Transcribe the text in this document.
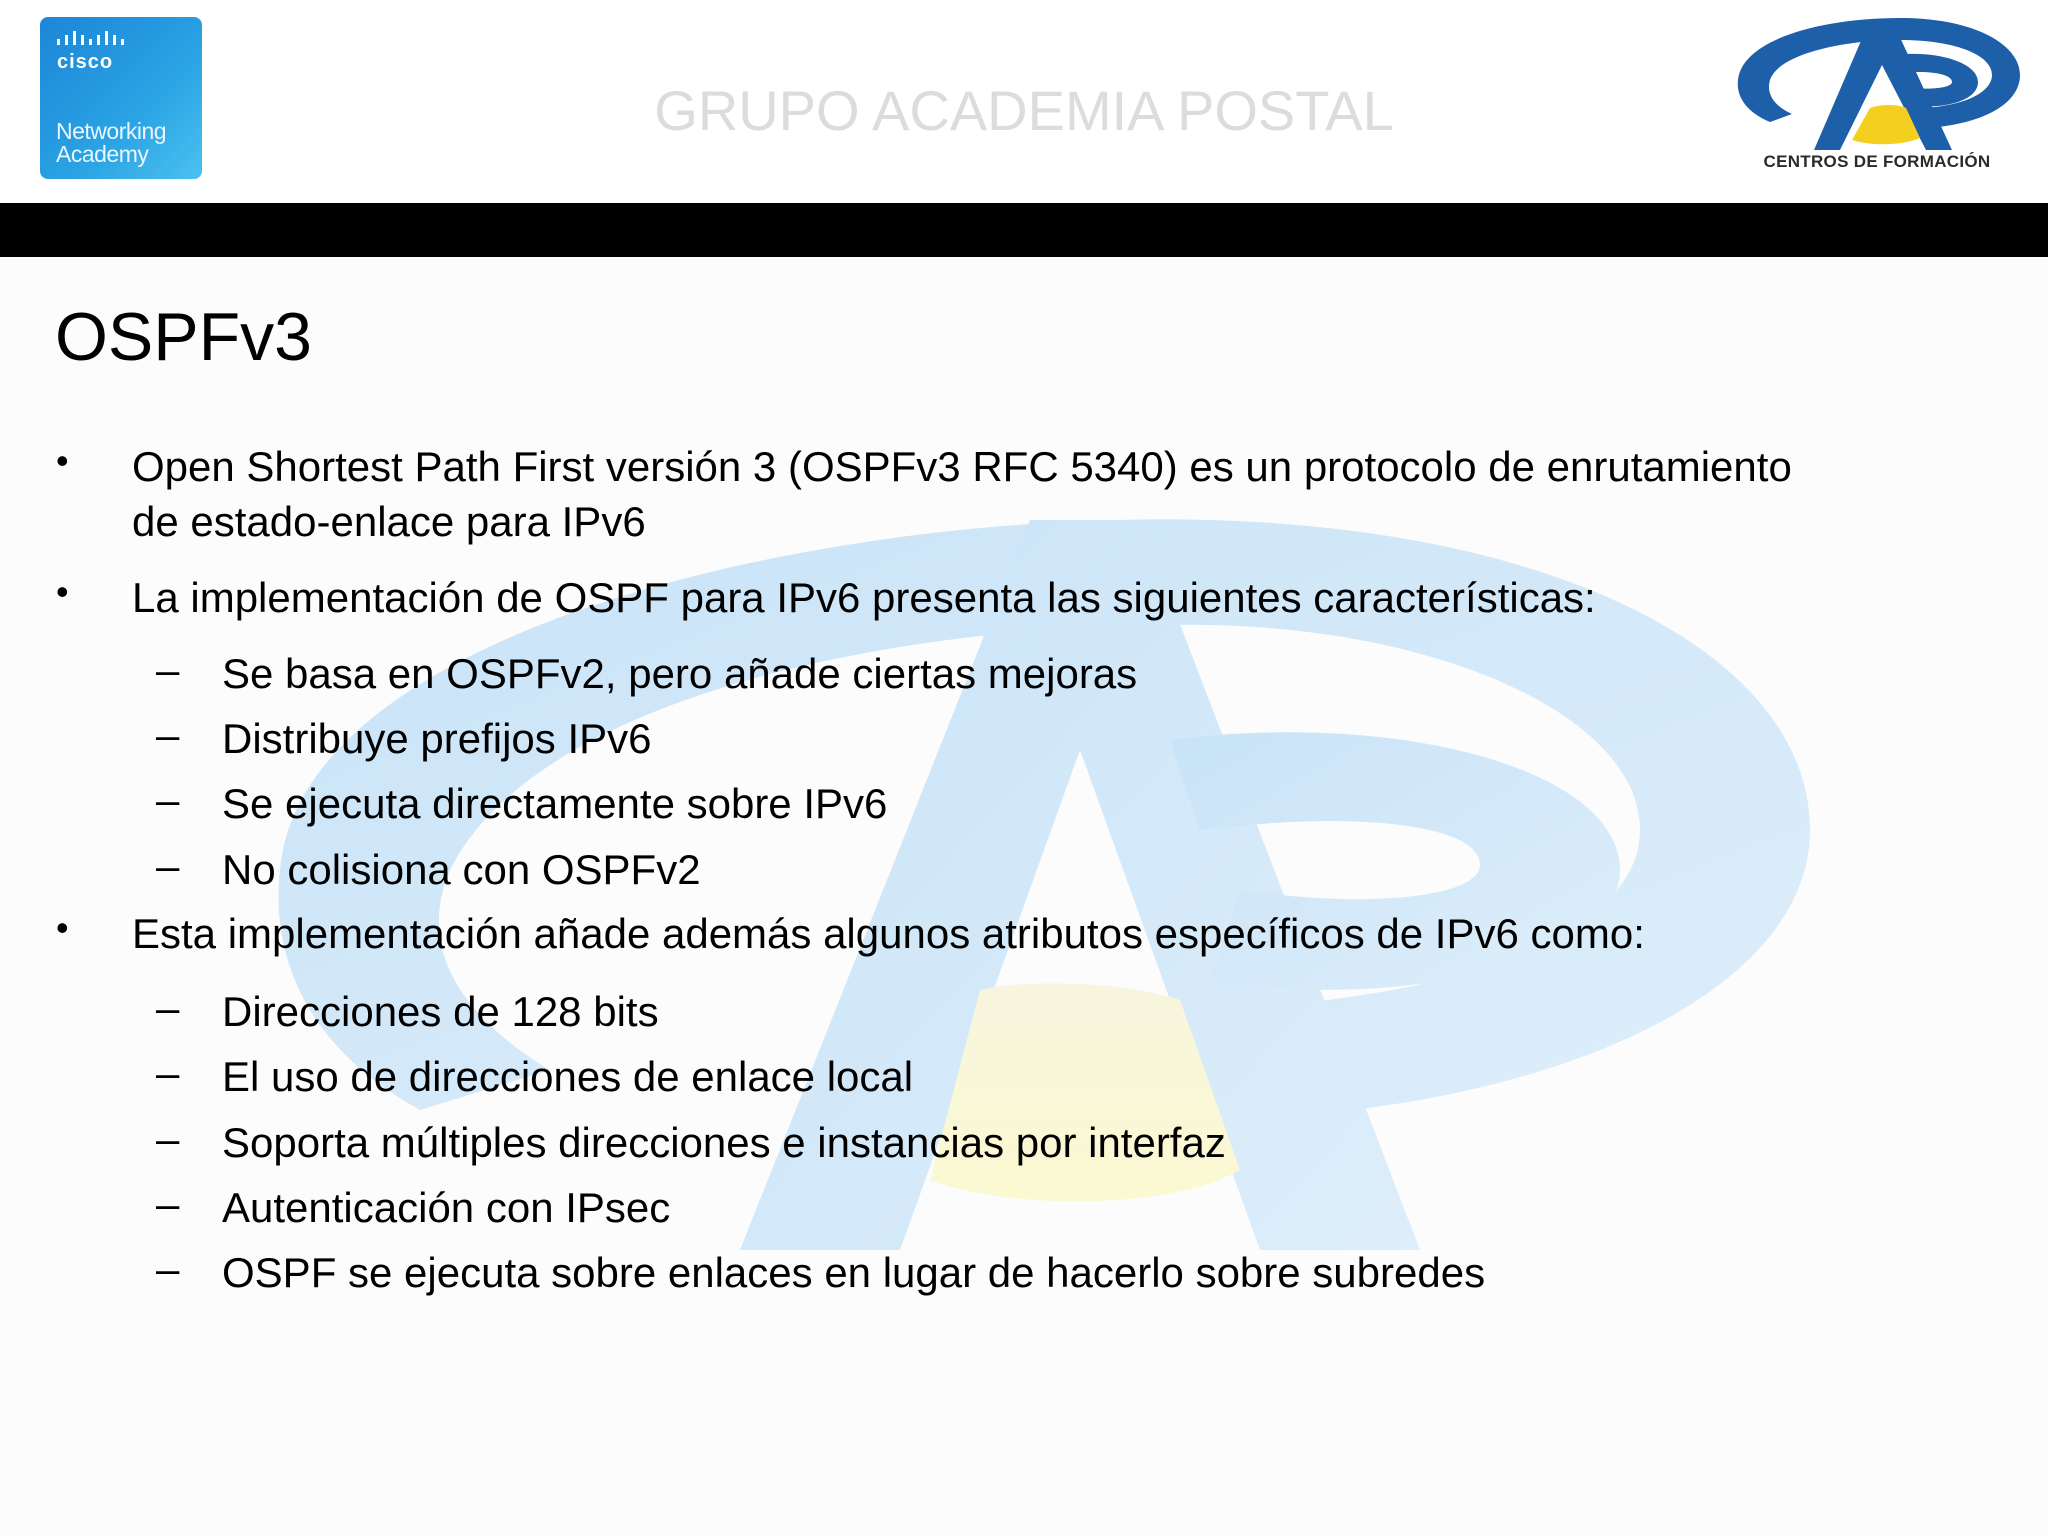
cisco
Networking
Academy
GRUPO ACADEMIA POSTAL
CENTROS DE FORMACIÓN
OSPFv3
• Open Shortest Path First versión 3 (OSPFv3 RFC 5340) es un protocolo de enrutamiento
de estado-enlace para IPv6
• La implementación de OSPF para IPv6 presenta las siguientes características:
– Se basa en OSPFv2, pero añade ciertas mejoras
– Distribuye prefijos IPv6
– Se ejecuta directamente sobre IPv6
– No colisiona con OSPFv2
• Esta implementación añade además algunos atributos específicos de IPv6 como:
– Direcciones de 128 bits
– El uso de direcciones de enlace local
– Soporta múltiples direcciones e instancias por interfaz
– Autenticación con IPsec
– OSPF se ejecuta sobre enlaces en lugar de hacerlo sobre subredes
